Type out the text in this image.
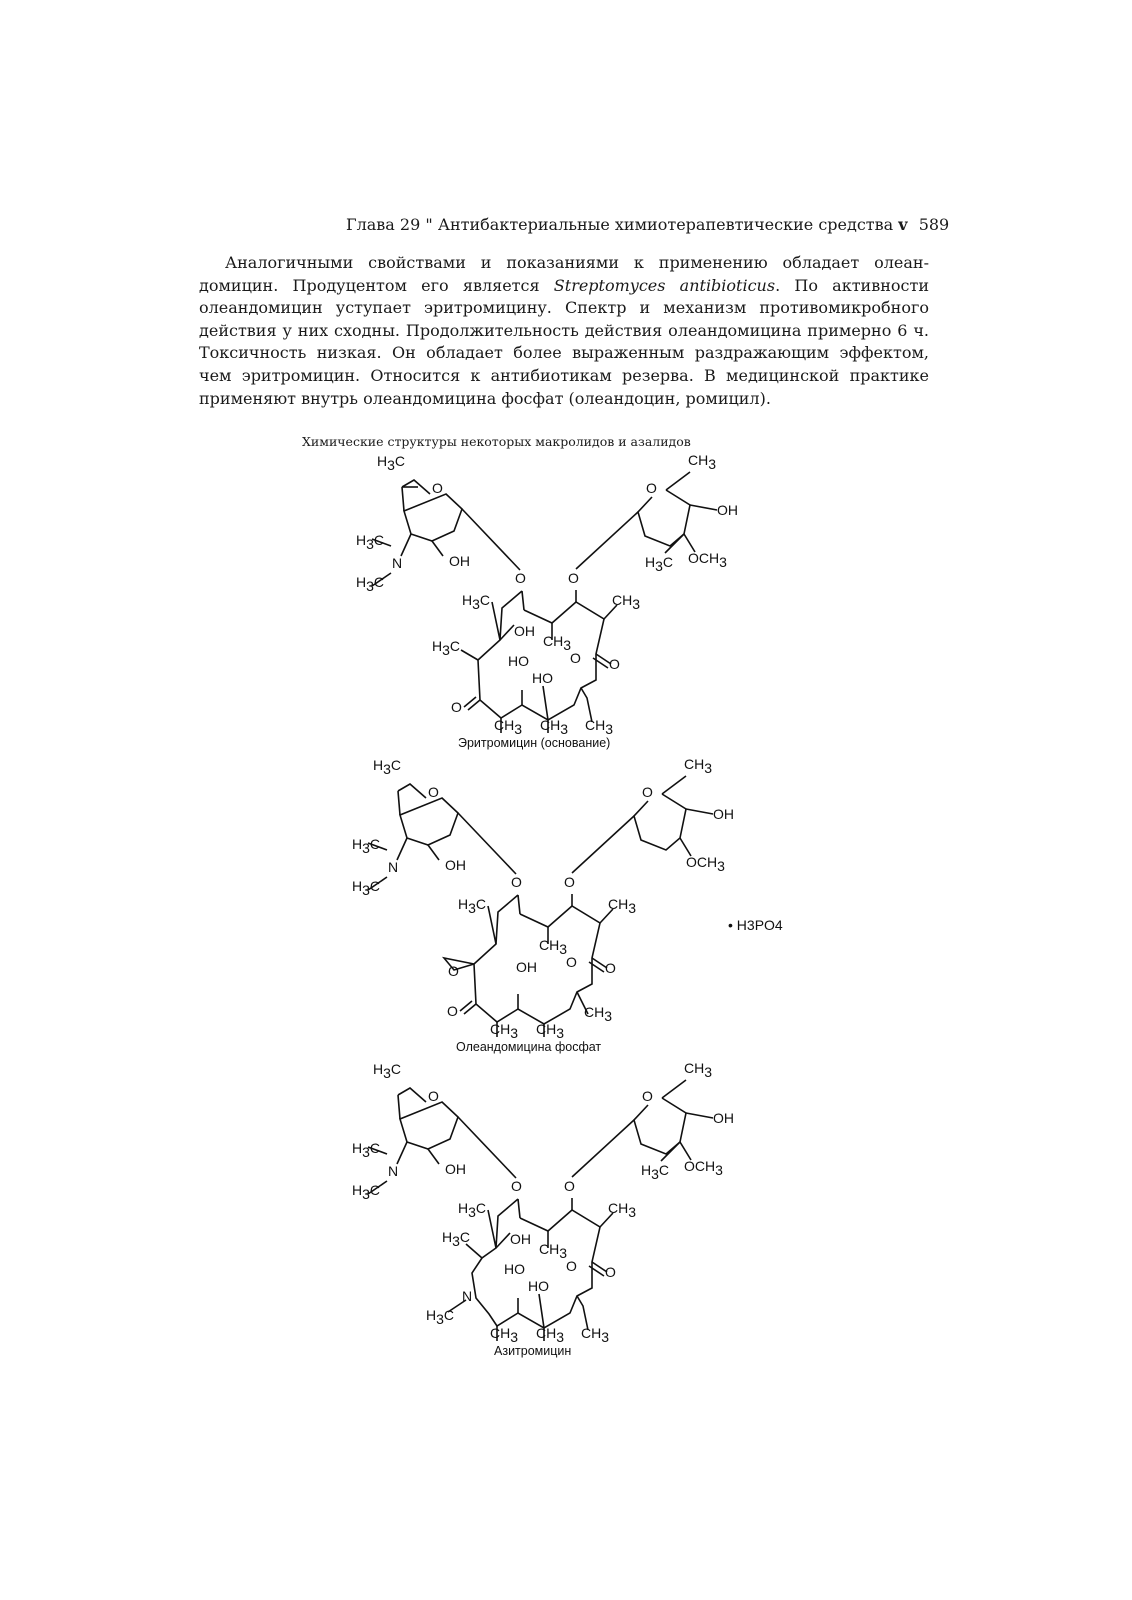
Глава 29 " Антибактериальные химиотерапевтические средства v 589

Аналогичными свойствами и показаниями к применению обладает олеандомицин. Продуцентом его является Streptomyces antibioticus. По активности олеандомицин уступает эритромицину. Спектр и механизм противомикробного действия у них сходны. Продолжительность действия олеандомицина примерно 6 ч. Токсичность низкая. Он обладает более выраженным раздражающим эффектом, чем эритромицин. Относится к антибиотикам резерва. В медицинской практике применяют внутрь олеандомицина фосфат (олеандоцин, ромицил).

Химические структуры некоторых макролидов и азалидов
H3C
O
H3C
N
H3C
OH
CH3
O
OH
H3C OCH3
O	O
H3C	CH3
OH
CH3
H3C
HO	O O
HO
O
CH3 CH3 CH3
Эритромицин (основание)
H3C
O
H3C
N
H3C
OH
CH3
O
OH
OCH3
O	O
H3C	CH3
CH3
O	OH O O
O	CH3
CH3 CH3
Олеандомицина фосфат
• H3PO4
H3C
O
H3C
N
H3C
OH
CH3
O
OH
H3C OCH3
O	O
H3C	CH3
OH
CH3
H3C
HO	O O
HO
N
H3C
CH3 CH3 CH3
Азитромицин
